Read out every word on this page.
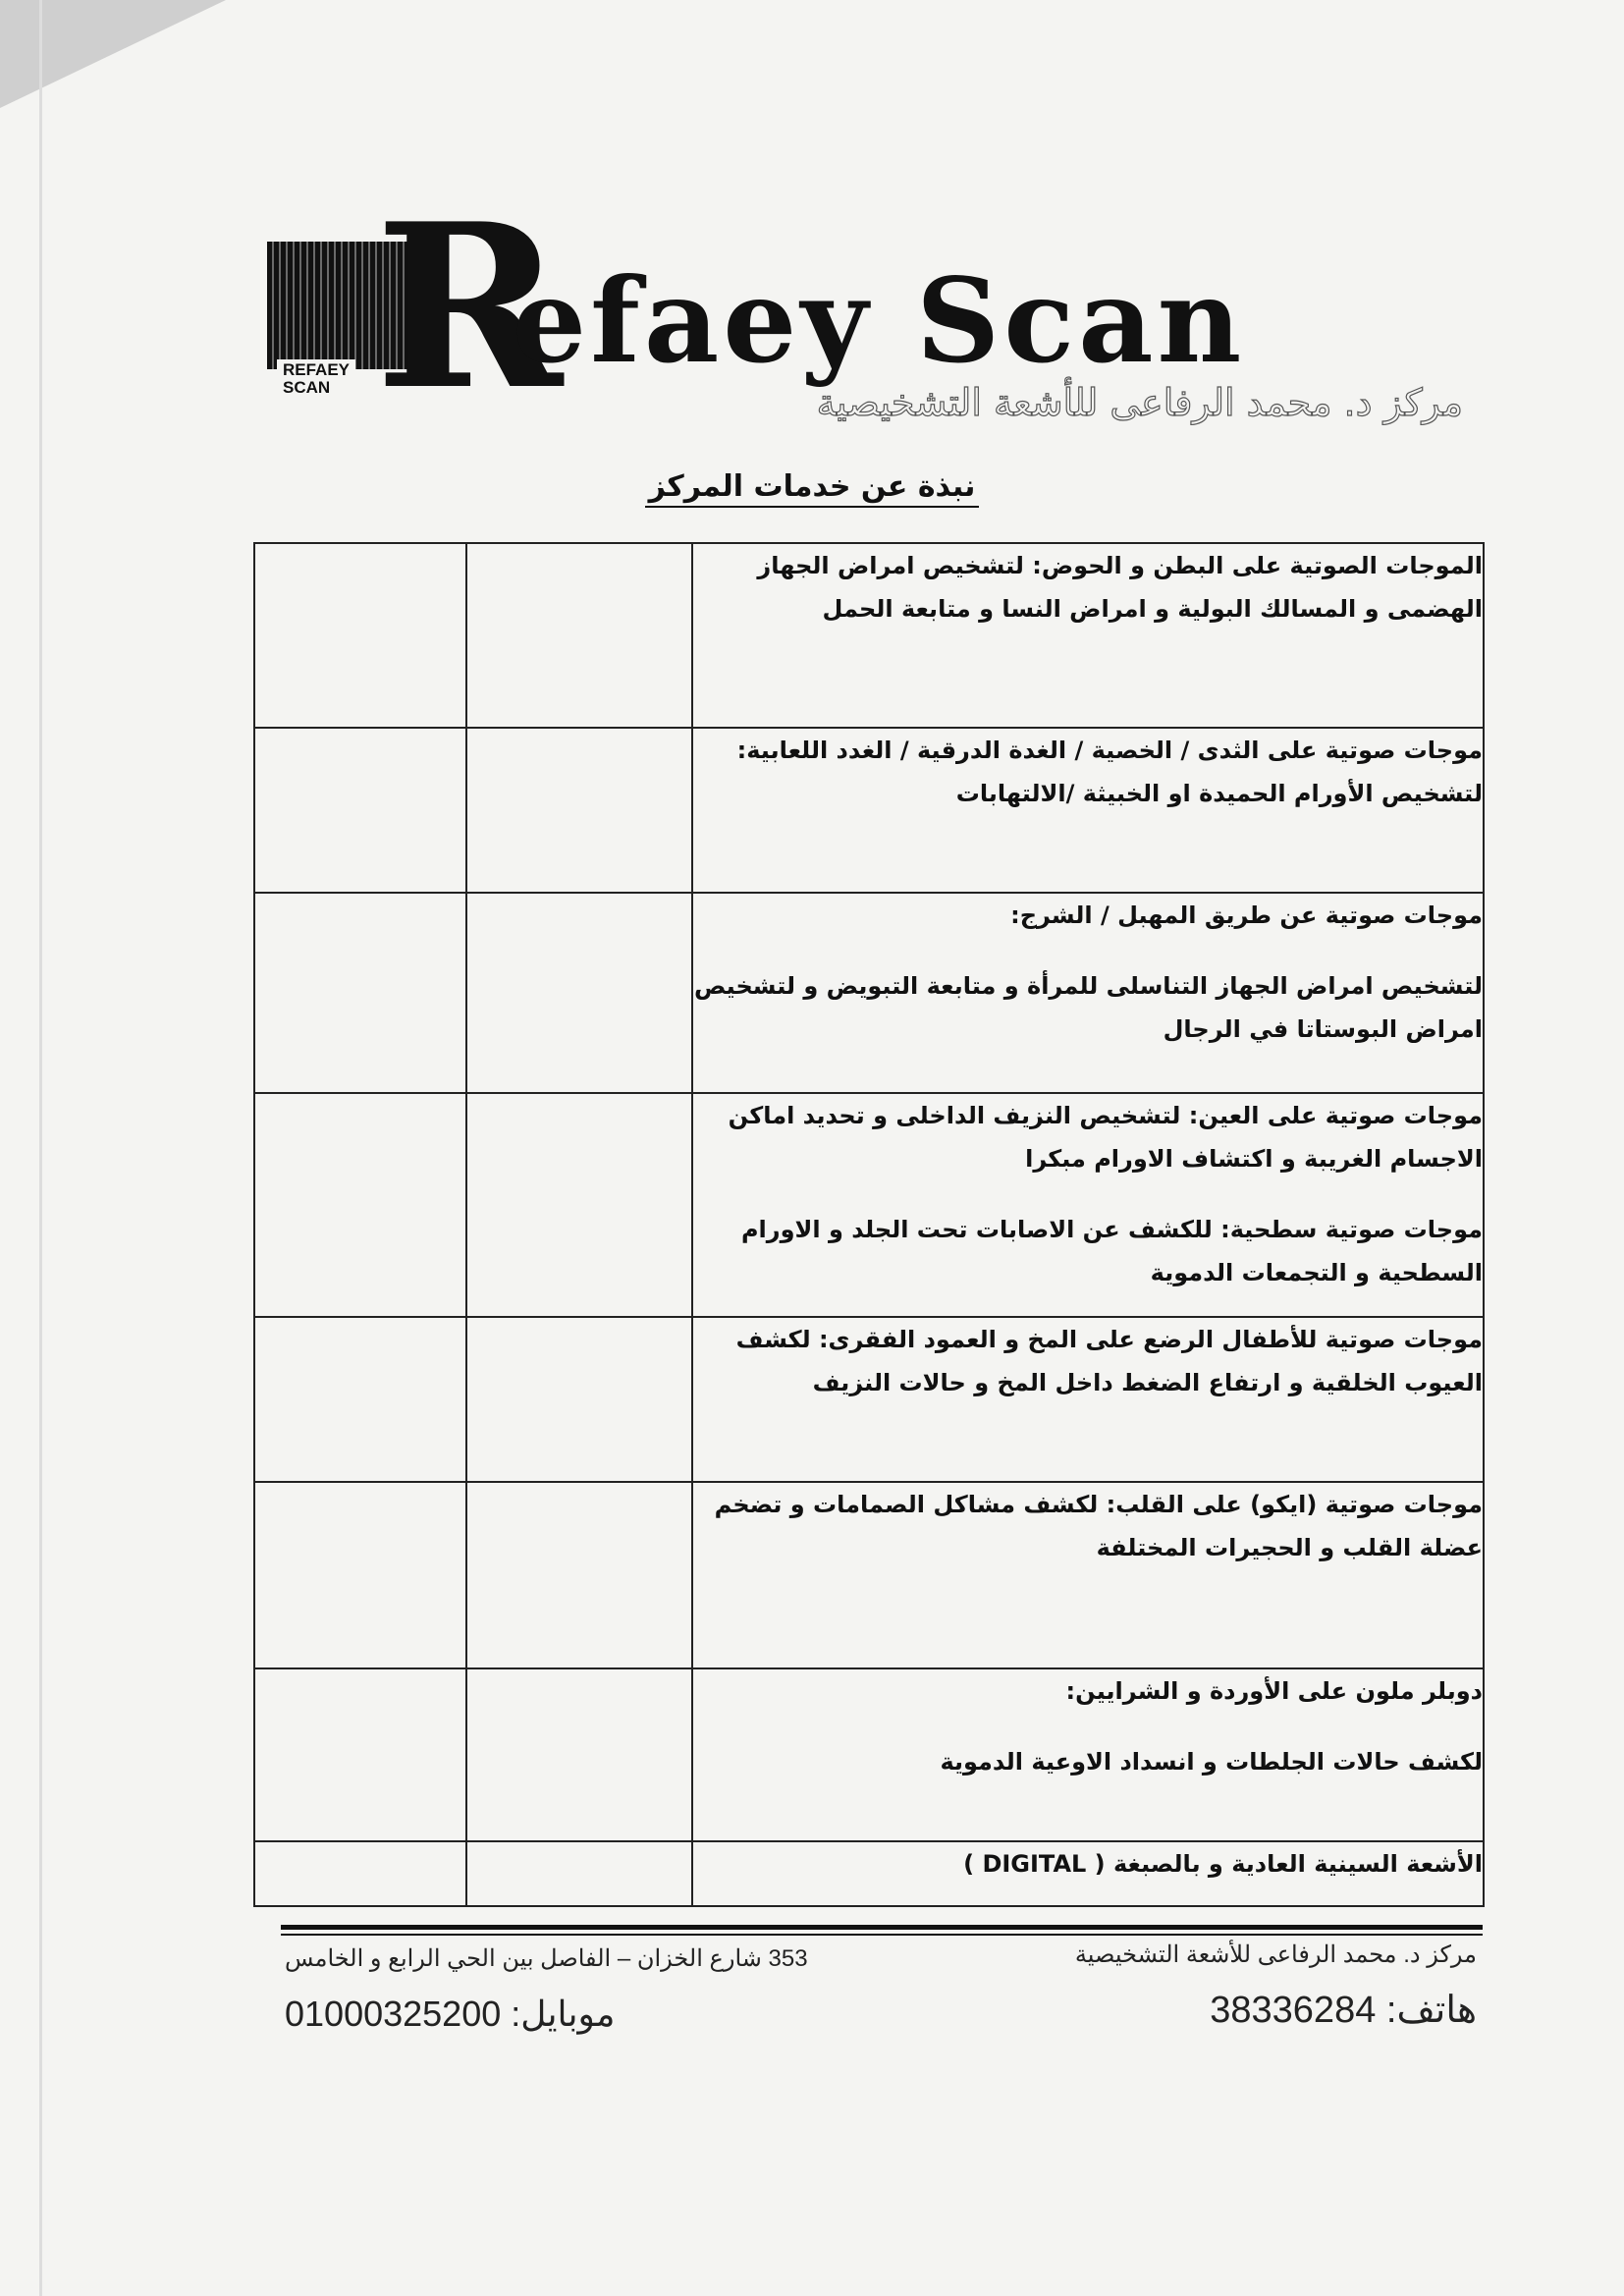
R
REFAEY
SCAN efaey Scan
مركز د. محمد الرفاعى للأشعة التشخيصية
نبذة عن خدمات المركز

الموجات الصوتية على البطن و الحوض: لتشخيص امراض الجهاز الهضمى و المسالك البولية و امراض النسا و متابعة الحمل

		موجات صوتية على الثدى / الخصية / الغدة الدرقية / الغدد اللعابية: لتشخيص الأورام الحميدة او الخبيثة /الالتهابات

		موجات صوتية عن طريق المهبل / الشرج:

لتشخيص امراض الجهاز التناسلى للمرأة و متابعة التبويض و لتشخيص امراض البوستاتا في الرجال

		موجات صوتية على العين: لتشخيص النزيف الداخلى و تحديد اماكن الاجسام الغريبة و اكتشاف الاورام مبكرا

موجات صوتية سطحية: للكشف عن الاصابات تحت الجلد و الاورام السطحية و التجمعات الدموية

		موجات صوتية للأطفال الرضع على المخ و العمود الفقرى: لكشف العيوب الخلقية و ارتفاع الضغط داخل المخ و حالات النزيف

		موجات صوتية (ايكو) على القلب: لكشف مشاكل الصمامات و تضخم عضلة القلب و الحجيرات المختلفة

		دوبلر ملون على الأوردة و الشرايين:

لكشف حالات الجلطات و انسداد الاوعية الدموية

		الأشعة السينية العادية و بالصبغة ( DIGITAL )

مركز د. محمد الرفاعى للأشعة التشخيصية
353 شارع الخزان – الفاصل بين الحي الرابع و الخامس
هاتف: 38336284
موبايل: 01000325200
